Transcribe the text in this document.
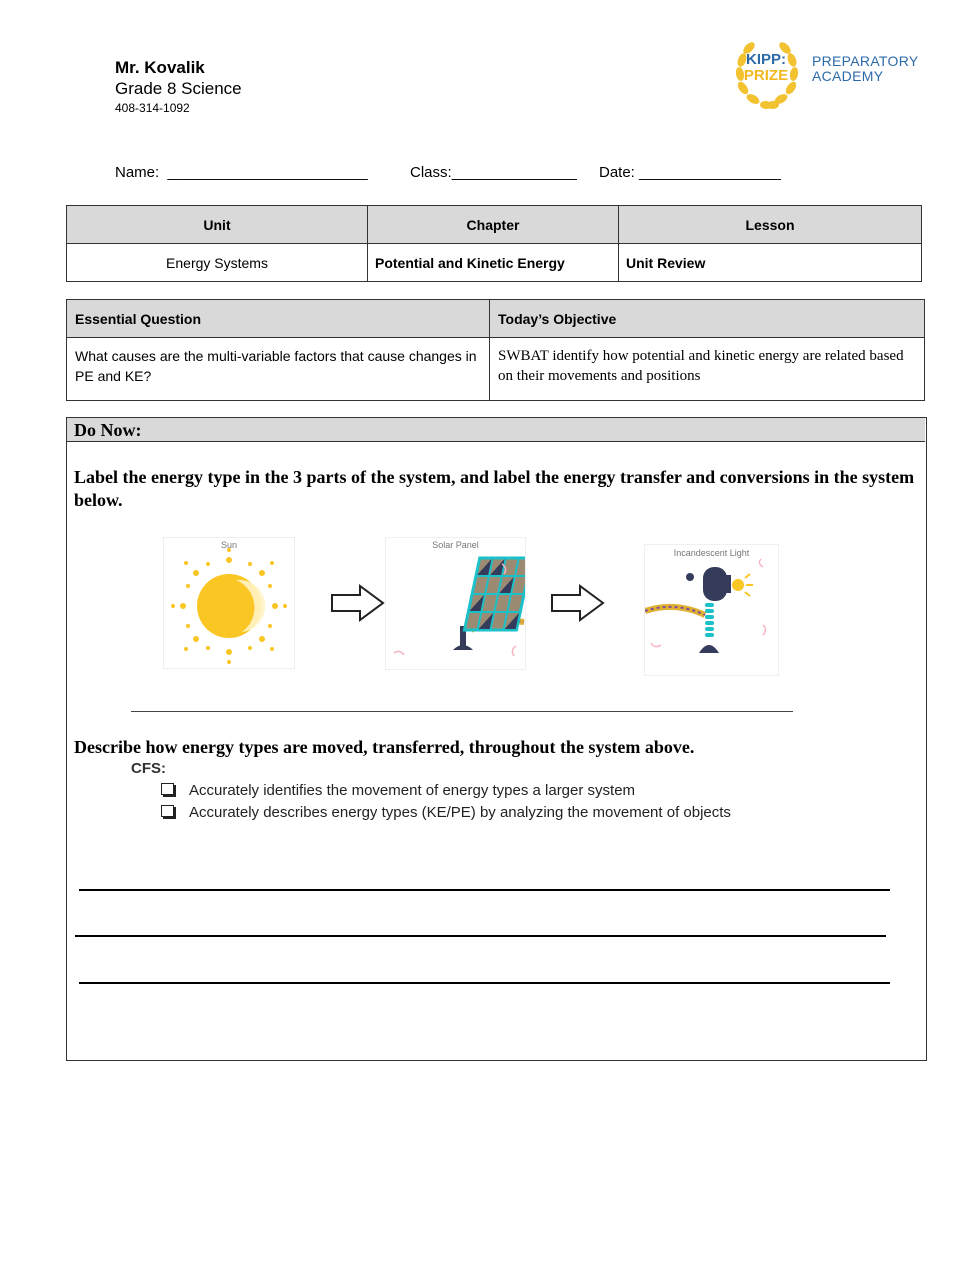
Mr. Kovalik
Grade 8 Science
408-314-1092
KIPP:
PRIZE
PREPARATORY
ACADEMY
Name: ________________________	Class:_______________ Date: _________________
Unit	Chapter	Lesson
Energy Systems	Potential and Kinetic Energy	Unit Review
Essential Question	Today’s Objective
What causes are the multi-variable factors that cause changes in PE and KE?	SWBAT identify how potential and kinetic energy are related based on their movements and positions
Do Now:
Label the energy type in the 3 parts of the system, and label the energy transfer and conversions in the system below.
Sun	Solar Panel
Incandescent Light
Describe how energy types are moved, transferred, throughout the system above.
CFS:
Accurately identifies the movement of energy types a larger system
Accurately describes energy types (KE/PE) by analyzing the movement of objects
